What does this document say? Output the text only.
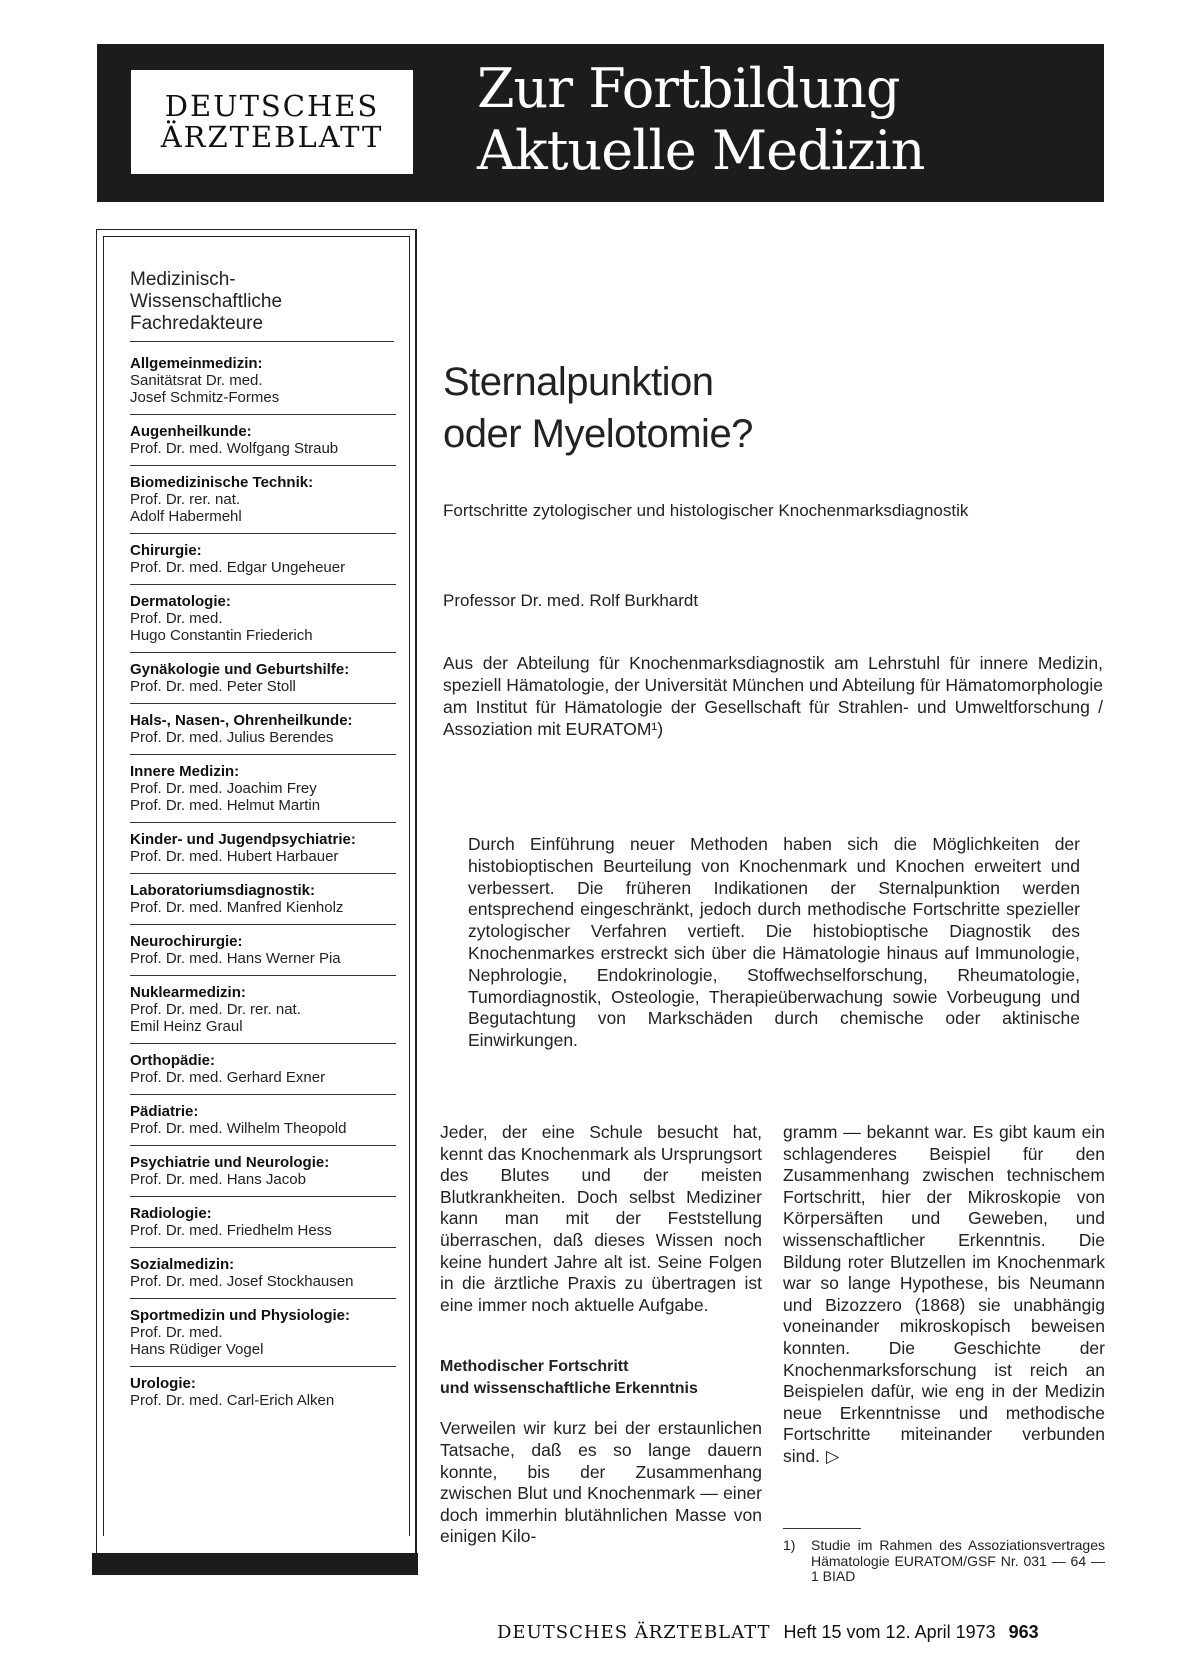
DEUTSCHES
ÄRZTEBLATT
Zur Fortbildung
Aktuelle Medizin
Medizinisch-
Wissenschaftliche
Fachredakteure
Allgemeinmedizin:
Sanitätsrat Dr. med.
Josef Schmitz-Formes
Augenheilkunde:
Prof. Dr. med. Wolfgang Straub
Biomedizinische Technik:
Prof. Dr. rer. nat.
Adolf Habermehl
Chirurgie:
Prof. Dr. med. Edgar Ungeheuer
Dermatologie:
Prof. Dr. med.
Hugo Constantin Friederich
Gynäkologie und Geburtshilfe:
Prof. Dr. med. Peter Stoll
Hals-, Nasen-, Ohrenheilkunde:
Prof. Dr. med. Julius Berendes
Innere Medizin:
Prof. Dr. med. Joachim Frey
Prof. Dr. med. Helmut Martin
Kinder- und Jugendpsychiatrie:
Prof. Dr. med. Hubert Harbauer
Laboratoriumsdiagnostik:
Prof. Dr. med. Manfred Kienholz
Neurochirurgie:
Prof. Dr. med. Hans Werner Pia
Nuklearmedizin:
Prof. Dr. med. Dr. rer. nat.
Emil Heinz Graul
Orthopädie:
Prof. Dr. med. Gerhard Exner
Pädiatrie:
Prof. Dr. med. Wilhelm Theopold
Psychiatrie und Neurologie:
Prof. Dr. med. Hans Jacob
Radiologie:
Prof. Dr. med. Friedhelm Hess
Sozialmedizin:
Prof. Dr. med. Josef Stockhausen
Sportmedizin und Physiologie:
Prof. Dr. med.
Hans Rüdiger Vogel
Urologie:
Prof. Dr. med. Carl-Erich Alken
Sternalpunktion
oder Myelotomie?
Fortschritte zytologischer und histologischer Knochenmarksdiagnostik
Professor Dr. med. Rolf Burkhardt
Aus der Abteilung für Knochenmarksdiagnostik am Lehrstuhl für innere Medizin, speziell Hämatologie, der Universität München und Abteilung für Hämatomorphologie am Institut für Hämatologie der Gesellschaft für Strahlen- und Umweltforschung / Assoziation mit EURATOM¹)
Durch Einführung neuer Methoden haben sich die Möglichkeiten der histobioptischen Beurteilung von Knochenmark und Knochen erweitert und verbessert. Die früheren Indikationen der Sternalpunktion werden entsprechend eingeschränkt, jedoch durch methodische Fortschritte spezieller zytologischer Verfahren vertieft. Die histobioptische Diagnostik des Knochenmarkes erstreckt sich über die Hämatologie hinaus auf Immunologie, Nephrologie, Endokrinologie, Stoffwechselforschung, Rheumatologie, Tumordiagnostik, Osteologie, Therapieüberwachung sowie Vorbeugung und Begutachtung von Markschäden durch chemische oder aktinische Einwirkungen.

Jeder, der eine Schule besucht hat, kennt das Knochenmark als Ursprungsort des Blutes und der meisten Blutkrankheiten. Doch selbst Mediziner kann man mit der Feststellung überraschen, daß dieses Wissen noch keine hundert Jahre alt ist. Seine Folgen in die ärztliche Praxis zu übertragen ist eine immer noch aktuelle Aufgabe.

Methodischer Fortschritt
und wissenschaftliche Erkenntnis

Verweilen wir kurz bei der erstaunlichen Tatsache, daß es so lange dauern konnte, bis der Zusammenhang zwischen Blut und Knochenmark — einer doch immerhin blutähnlichen Masse von einigen Kilo-

gramm — bekannt war. Es gibt kaum ein schlagenderes Beispiel für den Zusammenhang zwischen technischem Fortschritt, hier der Mikroskopie von Körpersäften und Geweben, und wissenschaftlicher Erkenntnis. Die Bildung roter Blutzellen im Knochenmark war so lange Hypothese, bis Neumann und Bizozzero (1868) sie unabhängig voneinander mikroskopisch beweisen konnten. Die Geschichte der Knochenmarksforschung ist reich an Beispielen dafür, wie eng in der Medizin neue Erkenntnisse und methodische Fortschritte miteinander verbunden sind. ▷

1)	Studie im Rahmen des Assoziationsvertrages Hämatologie EURATOM/GSF Nr. 031 — 64 — 1 BIAD
DEUTSCHES ÄRZTEBLATT Heft 15 vom 12. April 1973 963
